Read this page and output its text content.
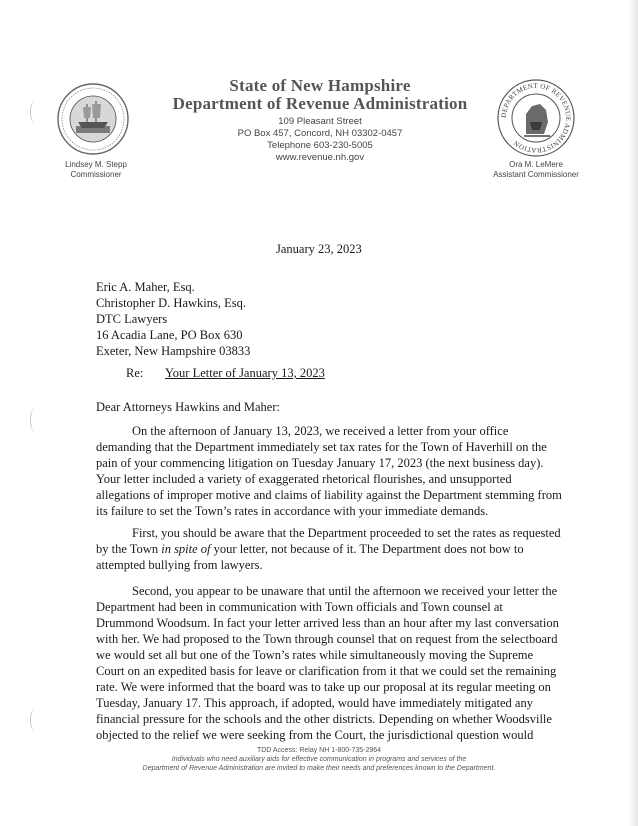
Lindsey M. Stepp
Commissioner
State of New Hampshire
Department of Revenue Administration
109 Pleasant Street
PO Box 457, Concord, NH 03302-0457
Telephone 603-230-5005
www.revenue.nh.gov
DEPARTMENT OF REVENUE ADMINISTRATION
Ora M. LeMere
Assistant Commissioner
January 23, 2023
Eric A. Maher, Esq.
Christopher D. Hawkins, Esq.
DTC Lawyers
16 Acadia Lane, PO Box 630
Exeter, New Hampshire 03833
Re: Your Letter of January 13, 2023
Dear Attorneys Hawkins and Maher:
On the afternoon of January 13, 2023, we received a letter from your office
demanding that the Department immediately set tax rates for the Town of Haverhill on the
pain of your commencing litigation on Tuesday January 17, 2023 (the next business day).
Your letter included a variety of exaggerated rhetorical flourishes, and unsupported
allegations of improper motive and claims of liability against the Department stemming from
its failure to set the Town’s rates in accordance with your immediate demands.
First, you should be aware that the Department proceeded to set the rates as requested
by the Town in spite of your letter, not because of it. The Department does not bow to
attempted bullying from lawyers.
Second, you appear to be unaware that until the afternoon we received your letter the
Department had been in communication with Town officials and Town counsel at
Drummond Woodsum. In fact your letter arrived less than an hour after my last conversation
with her. We had proposed to the Town through counsel that on request from the selectboard
we would set all but one of the Town’s rates while simultaneously moving the Supreme
Court on an expedited basis for leave or clarification from it that we could set the remaining
rate. We were informed that the board was to take up our proposal at its regular meeting on
Tuesday, January 17. This approach, if adopted, would have immediately mitigated any
financial pressure for the schools and the other districts. Depending on whether Woodsville
objected to the relief we were seeking from the Court, the jurisdictional question would
TDD Access: Relay NH 1-800-735-2964
Individuals who need auxiliary aids for effective communication in programs and services of the
Department of Revenue Administration are invited to make their needs and preferences known to the Department.
